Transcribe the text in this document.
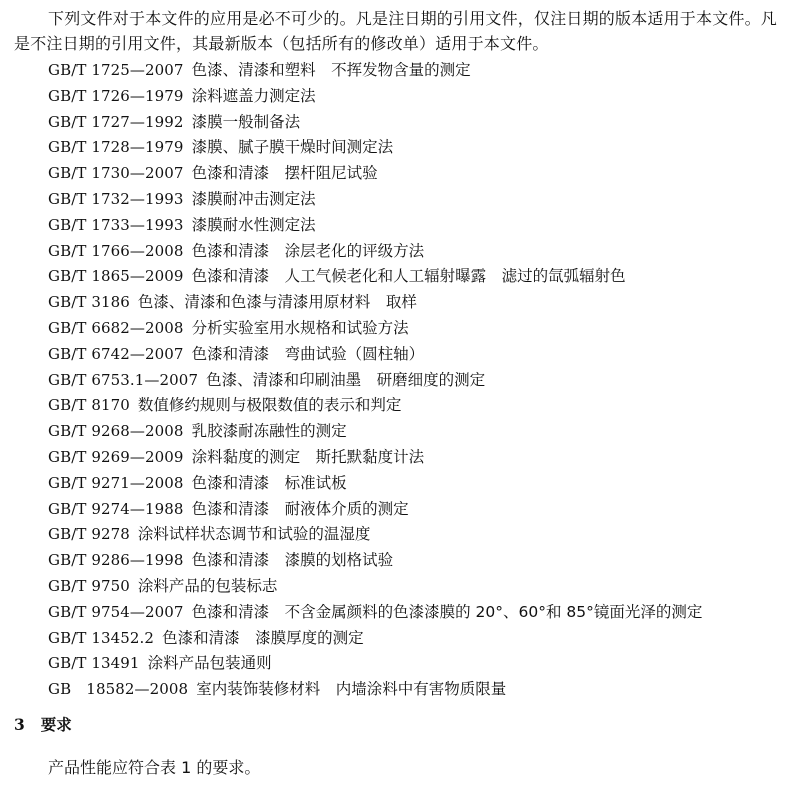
下列文件对于本文件的应用是必不可少的。凡是注日期的引用文件，仅注日期的版本适用于本文件。凡是不注日期的引用文件，其最新版本（包括所有的修改单）适用于本文件。
GB/T 1725—2007 色漆、清漆和塑料　不挥发物含量的测定
GB/T 1726—1979 涂料遮盖力测定法
GB/T 1727—1992 漆膜一般制备法
GB/T 1728—1979 漆膜、腻子膜干燥时间测定法
GB/T 1730—2007 色漆和清漆　摆杆阻尼试验
GB/T 1732—1993 漆膜耐冲击测定法
GB/T 1733—1993 漆膜耐水性测定法
GB/T 1766—2008 色漆和清漆　涂层老化的评级方法
GB/T 1865—2009 色漆和清漆　人工气候老化和人工辐射曝露　滤过的氙弧辐射色
GB/T 3186 色漆、清漆和色漆与清漆用原材料　取样
GB/T 6682—2008 分析实验室用水规格和试验方法
GB/T 6742—2007 色漆和清漆　弯曲试验（圆柱轴）
GB/T 6753.1—2007 色漆、清漆和印刷油墨　研磨细度的测定
GB/T 8170 数值修约规则与极限数值的表示和判定
GB/T 9268—2008 乳胶漆耐冻融性的测定
GB/T 9269—2009 涂料黏度的测定　斯托默黏度计法
GB/T 9271—2008 色漆和清漆　标准试板
GB/T 9274—1988 色漆和清漆　耐液体介质的测定
GB/T 9278 涂料试样状态调节和试验的温湿度
GB/T 9286—1998 色漆和清漆　漆膜的划格试验
GB/T 9750 涂料产品的包装标志
GB/T 9754—2007 色漆和清漆　不含金属颜料的色漆漆膜的 20°、60°和 85°镜面光泽的测定
GB/T 13452.2 色漆和清漆　漆膜厚度的测定
GB/T 13491 涂料产品包装通则
GB　18582—2008 室内装饰装修材料　内墙涂料中有害物质限量
3 要求
产品性能应符合表 1 的要求。
